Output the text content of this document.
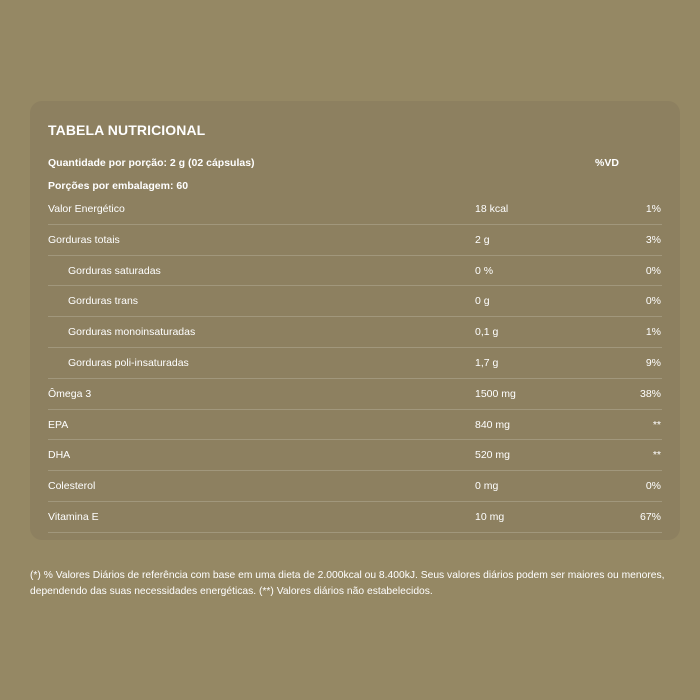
TABELA NUTRICIONAL
Quantidade por porção: 2 g (02 cápsulas)	%VD
Porções por embalagem: 60
Valor Energético	18 kcal	1%
Gorduras totais	2 g	3%
Gorduras saturadas	0 %	0%
Gorduras trans	0 g	0%
Gorduras monoinsaturadas	0,1 g	1%
Gorduras poli-insaturadas	1,7 g	9%
Ômega 3	1500 mg	38%
EPA	840 mg	**
DHA	520 mg	**
Colesterol	0 mg	0%
Vitamina E	10 mg	67%
(*) % Valores Diários de referência com base em uma dieta de 2.000kcal ou 8.400kJ. Seus valores diários podem ser maiores ou menores, dependendo das suas necessidades energéticas. (**) Valores diários não estabelecidos.
